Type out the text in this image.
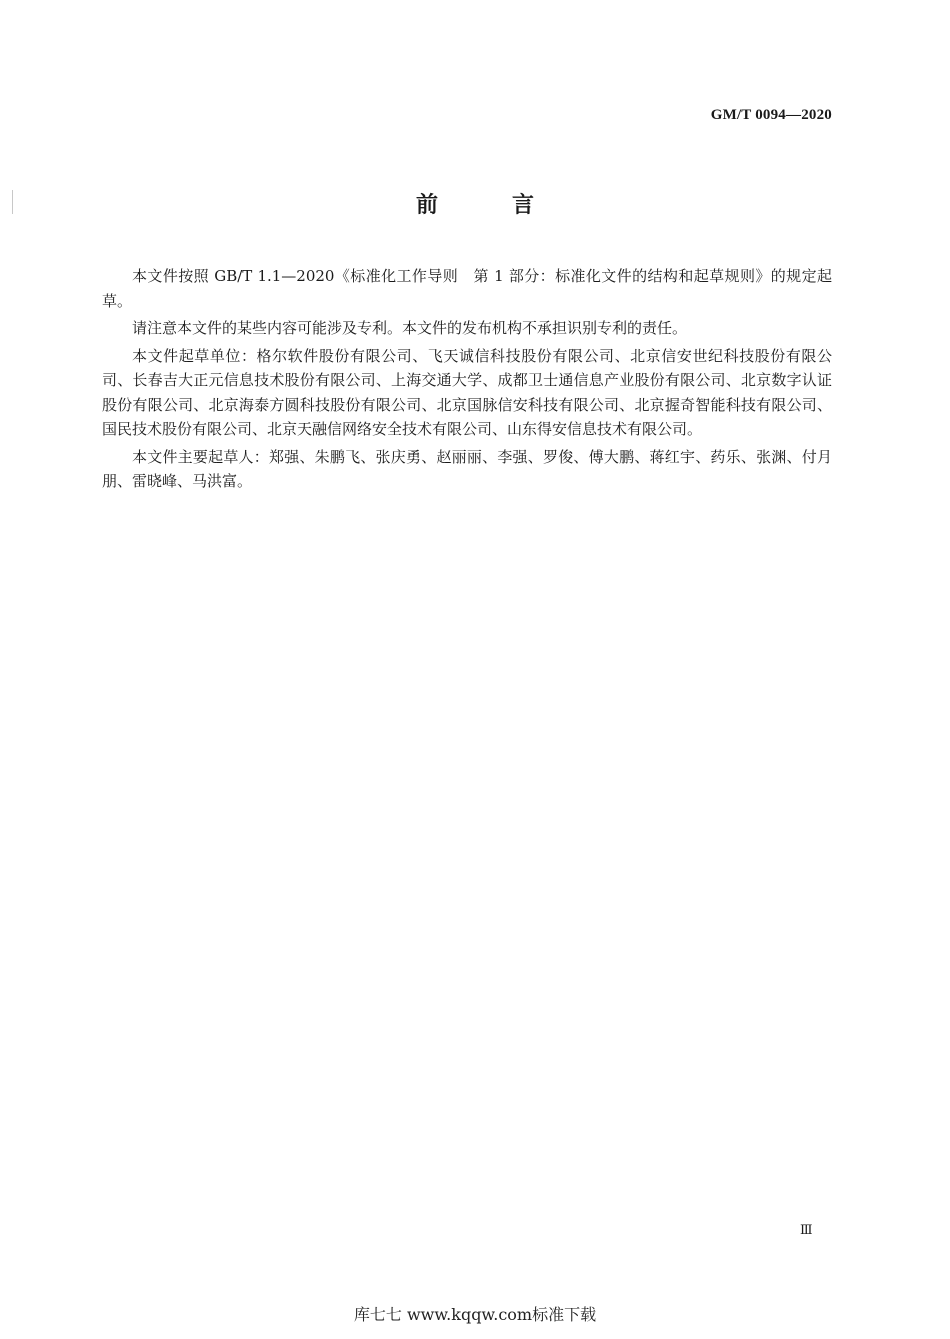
GM/T 0094—2020
前　言

本文件按照 GB/T 1.1—2020《标准化工作导则　第 1 部分：标准化文件的结构和起草规则》的规定起草。

请注意本文件的某些内容可能涉及专利。本文件的发布机构不承担识别专利的责任。

本文件起草单位：格尔软件股份有限公司、飞天诚信科技股份有限公司、北京信安世纪科技股份有限公司、长春吉大正元信息技术股份有限公司、上海交通大学、成都卫士通信息产业股份有限公司、北京数字认证股份有限公司、北京海泰方圆科技股份有限公司、北京国脉信安科技有限公司、北京握奇智能科技有限公司、国民技术股份有限公司、北京天融信网络安全技术有限公司、山东得安信息技术有限公司。

本文件主要起草人：郑强、朱鹏飞、张庆勇、赵丽丽、李强、罗俊、傅大鹏、蒋红宇、药乐、张渊、付月朋、雷晓峰、马洪富。

Ⅲ
库七七 www.kqqw.com标准下载
